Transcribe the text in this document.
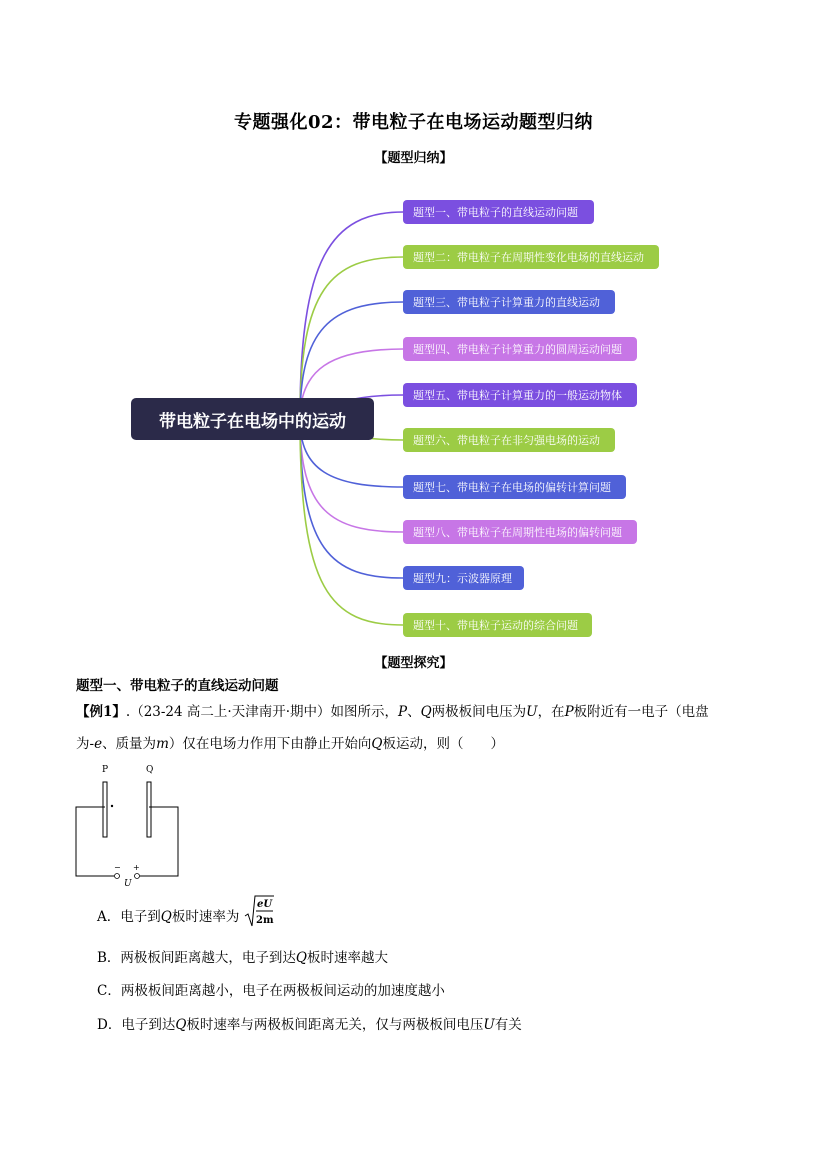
专题强化02：带电粒子在电场运动题型归纳
【题型归纳】
带电粒子在电场中的运动
题型一、带电粒子的直线运动问题
题型二：带电粒子在周期性变化电场的直线运动
题型三、带电粒子计算重力的直线运动
题型四、带电粒子计算重力的圆周运动问题
题型五、带电粒子计算重力的一般运动物体
题型六、带电粒子在非匀强电场的运动
题型七、带电粒子在电场的偏转计算问题
题型八、带电粒子在周期性电场的偏转问题
题型九：示波器原理
题型十、带电粒子运动的综合问题
【题型探究】
题型一、带电粒子的直线运动问题
【例1】.（23-24 高二上·天津南开·期中）如图所示，P、Q两极板间电压为U，在P板附近有一电子（电盘
为-e、质量为m）仅在电场力作用下由静止开始向Q板运动，则（　　）
P	Q
− +
U
A．电子到Q板时速率为
eU
2m
B．两极板间距离越大，电子到达Q板时速率越大
C．两极板间距离越小，电子在两极板间运动的加速度越小
D．电子到达Q板时速率与两极板间距离无关，仅与两极板间电压U有关
